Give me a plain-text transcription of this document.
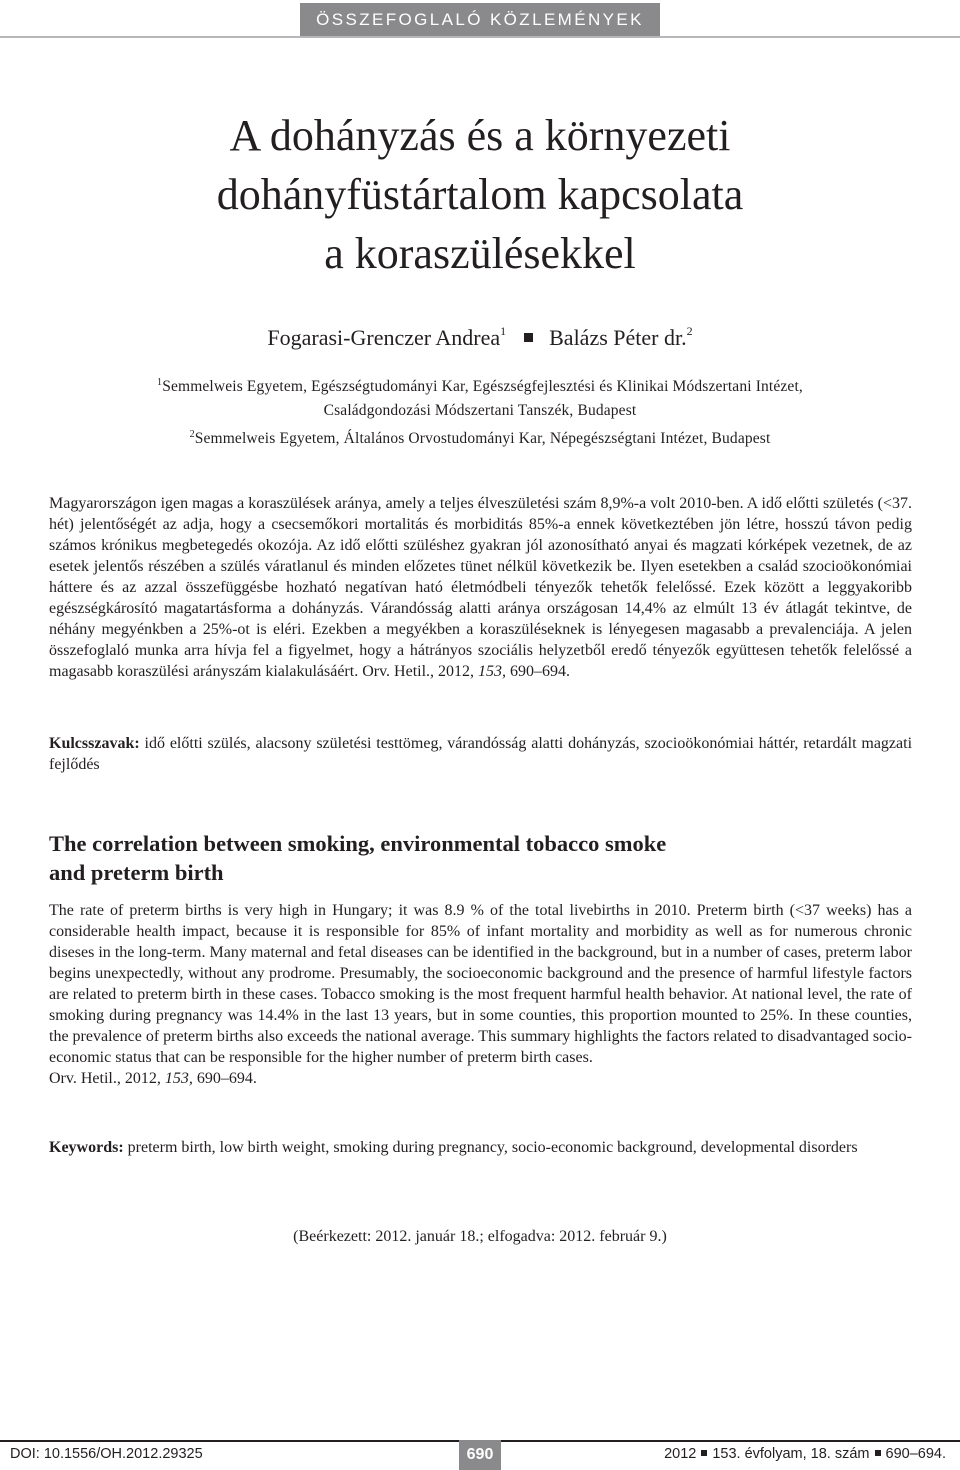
ÖSSZEFOGLALÓ KÖZLEMÉNYEK
A dohányzás és a környezeti
dohányfüstártalom kapcsolata
a koraszülésekkel
Fogarasi-Grenczer Andrea$^1$ Balázs Péter dr.$^2$

$^1$Semmelweis Egyetem, Egészségtudományi Kar, Egészségfejlesztési és Klinikai Módszertani Intézet,

Családgondozási Módszertani Tanszék, Budapest

$^2$Semmelweis Egyetem, Általános Orvostudományi Kar, Népegészségtani Intézet, Budapest

Magyarországon igen magas a koraszülések aránya, amely a teljes élveszületési szám 8,9%-a volt 2010-ben. A idő előtti születés (<37. hét) jelentőségét az adja, hogy a csecsemőkori mortalitás és morbiditás 85%-a ennek következtében jön létre, hosszú távon pedig számos krónikus megbetegedés okozója. Az idő előtti szüléshez gyakran jól azonosítható anyai és magzati kórképek vezetnek, de az esetek jelentős részében a szülés váratlanul és minden előzetes tünet nélkül következik be. Ilyen esetekben a család szocioökonómiai háttere és az azzal összefüggésbe hozható negatívan ható életmódbeli tényezők tehetők felelőssé. Ezek között a leggyakoribb egészségkárosító magatartásforma a dohányzás. Várandósság alatti aránya országosan 14,4% az elmúlt 13 év átlagát tekintve, de néhány megyénkben a 25%-ot is eléri. Ezekben a megyékben a koraszüléseknek is lényegesen magasabb a prevalenciája. A jelen összefoglaló munka arra hívja fel a figyelmet, hogy a hátrányos szociális helyzetből eredő tényezők együttesen tehetők felelőssé a magasabb koraszülési arányszám kialakulásáért. Orv. Hetil., 2012, 153, 690–694.

Kulcsszavak: idő előtti szülés, alacsony születési testtömeg, várandósság alatti dohányzás, szocioökonómiai háttér, retardált magzati fejlődés

The correlation between smoking, environmental tobacco smoke
and preterm birth

The rate of preterm births is very high in Hungary; it was 8.9 % of the total livebirths in 2010. Preterm birth (<37 weeks) has a considerable health impact, because it is responsible for 85% of infant mortality and morbidity as well as for numerous chronic diseses in the long-term. Many maternal and fetal diseases can be identified in the background, but in a number of cases, preterm labor begins unexpectedly, without any prodrome. Presumably, the socioeconomic background and the presence of harmful lifestyle factors are related to preterm birth in these cases. Tobacco smoking is the most frequent harmful health behavior. At national level, the rate of smoking during pregnancy was 14.4% in the last 13 years, but in some counties, this proportion mounted to 25%. In these counties, the prevalence of preterm births also exceeds the national average. This summary highlights the factors related to disadvantaged socio-economic status that can be responsible for the higher number of preterm birth cases.
Orv. Hetil., 2012, 153, 690–694.

Keywords: preterm birth, low birth weight, smoking during pregnancy, socio-economic background, developmental disorders

(Beérkezett: 2012. január 18.; elfogadva: 2012. február 9.)

DOI: 10.1556/OH.2012.29325	690	2012 153. évfolyam, 18. szám 690–694.
